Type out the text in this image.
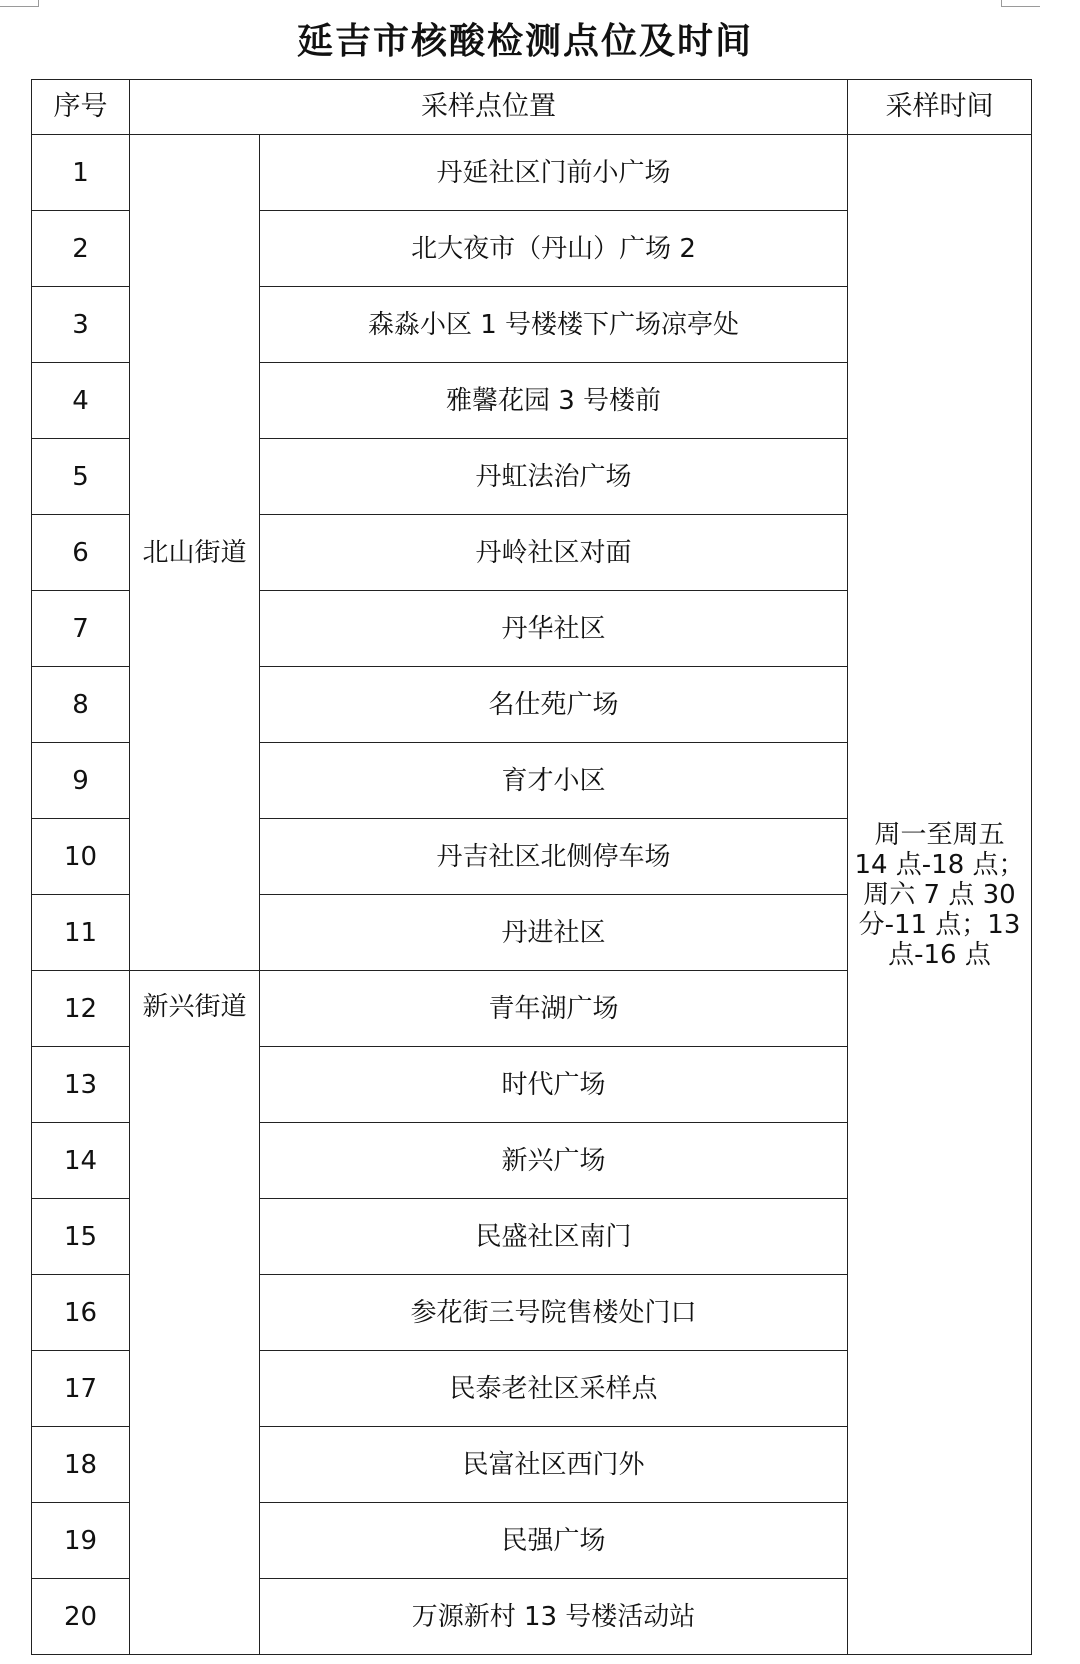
延吉市核酸检测点位及时间
序号	采样点位置		采样时间
1	北山街道	丹延社区门前小广场	周一至周五
14 点-18 点；
周六 7 点 30
分-11 点；13
点-16 点

2		北大夜市（丹山）广场 2	
3		森淼小区 1 号楼楼下广场凉亭处	
4		雅馨花园 3 号楼前	
5		丹虹法治广场	
6		丹岭社区对面	
7		丹华社区	
8		名仕苑广场	
9		育才小区	
10		丹吉社区北侧停车场	
11		丹进社区	
12	新兴街道	青年湖广场	
13		时代广场	
14		新兴广场	
15		民盛社区南门	
16		参花街三号院售楼处门口	
17		民泰老社区采样点	
18		民富社区西门外	
19		民强广场	
20		万源新村 13 号楼活动站	
